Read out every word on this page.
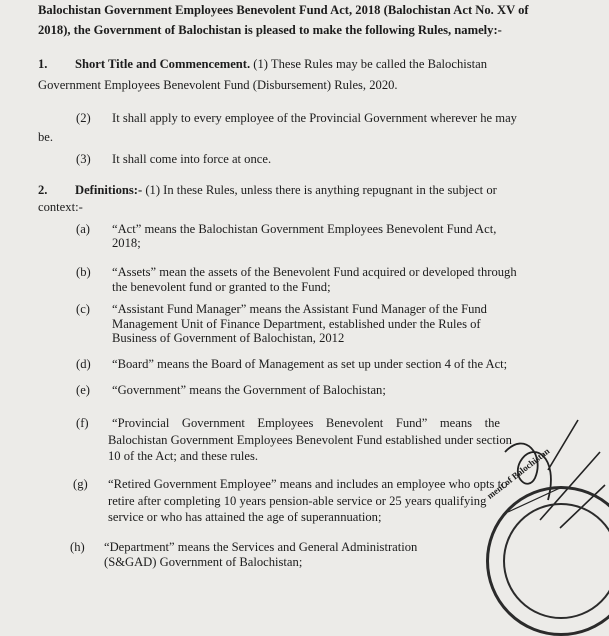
Balochistan Government Employees Benevolent Fund Act, 2018 (Balochistan Act No. XV of
2018), the Government of Balochistan is pleased to make the following Rules, namely:-
1. Short Title and Commencement. (1) These Rules may be called the Balochistan
Government Employees Benevolent Fund (Disbursement) Rules, 2020.
(2) It shall apply to every employee of the Provincial Government wherever he may
be.
(3) It shall come into force at once.
2. Definitions:- (1) In these Rules, unless there is anything repugnant in the subject or
context:-
(a) “Act” means the Balochistan Government Employees Benevolent Fund Act,
2018;
(b) “Assets” mean the assets of the Benevolent Fund acquired or developed through
the benevolent fund or granted to the Fund;
(c) “Assistant Fund Manager” means the Assistant Fund Manager of the Fund
Management Unit of Finance Department, established under the Rules of
Business of Government of Balochistan, 2012
(d) “Board” means the Board of Management as set up under section 4 of the Act;
(e) “Government” means the Government of Balochistan;
(f) “Provincial Government Employees Benevolent Fund” means the
Balochistan Government Employees Benevolent Fund established under section
10 of the Act; and these rules.
(g) “Retired Government Employee” means and includes an employee who opts to
retire after completing 10 years pension-able service or 25 years qualifying
service or who has attained the age of superannuation;
(h) “Department” means the Services and General Administration
(S&GAD) Government of Balochistan;
ment of Balochistan
